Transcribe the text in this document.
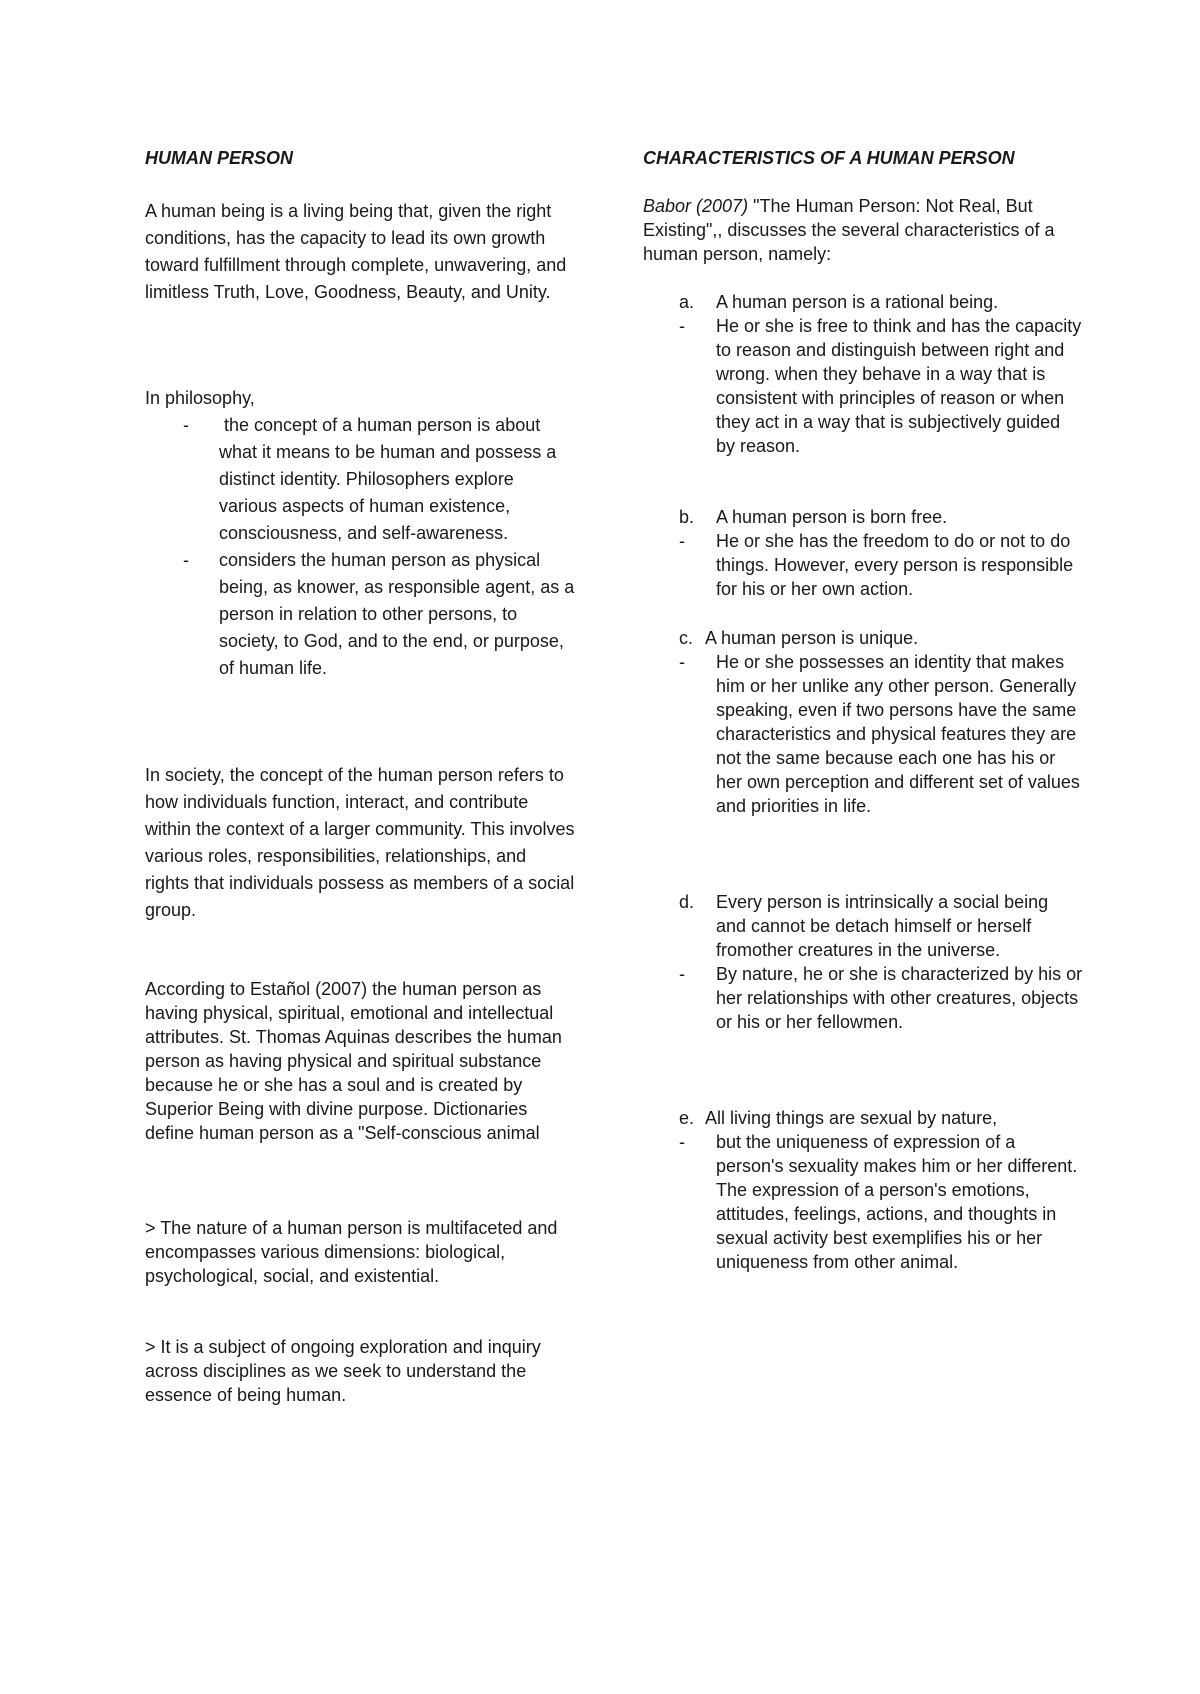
HUMAN PERSON

A human being is a living being that, given the right conditions, has the capacity to lead its own growth toward fulfillment through complete, unwavering, and limitless Truth, Love, Goodness, Beauty, and Unity.

In philosophy,

- the concept of a human person is about what it means to be human and possess a distinct identity. Philosophers explore various aspects of human existence, consciousness, and self-awareness.
- considers the human person as physical being, as knower, as responsible agent, as a person in relation to other persons, to society, to God, and to the end, or purpose, of human life.

In society, the concept of the human person refers to how individuals function, interact, and contribute within the context of a larger community. This involves various roles, responsibilities, relationships, and rights that individuals possess as members of a social group.

According to Estañol (2007) the human person as having physical, spiritual, emotional and intellectual attributes. St. Thomas Aquinas describes the human person as having physical and spiritual substance because he or she has a soul and is created by Superior Being with divine purpose. Dictionaries define human person as a "Self-conscious animal

> The nature of a human person is multifaceted and encompasses various dimensions: biological, psychological, social, and existential.

> It is a subject of ongoing exploration and inquiry across disciplines as we seek to understand the essence of being human.

CHARACTERISTICS OF A HUMAN PERSON

Babor (2007) "The Human Person: Not Real, But Existing",, discusses the several characteristics of a human person, namely:

a. A human person is a rational being.
- He or she is free to think and has the capacity to reason and distinguish between right and wrong. when they behave in a way that is consistent with principles of reason or when they act in a way that is subjectively guided by reason.
b. A human person is born free.
- He or she has the freedom to do or not to do things. However, every person is responsible for his or her own action.
c. A human person is unique.
- He or she possesses an identity that makes him or her unlike any other person. Generally speaking, even if two persons have the same characteristics and physical features they are not the same because each one has his or her own perception and different set of values and priorities in life.
d. Every person is intrinsically a social being and cannot be detach himself or herself fromother creatures in the universe.
- By nature, he or she is characterized by his or her relationships with other creatures, objects or his or her fellowmen.
e. All living things are sexual by nature,
- but the uniqueness of expression of a person's sexuality makes him or her different. The expression of a person's emotions, attitudes, feelings, actions, and thoughts in sexual activity best exemplifies his or her uniqueness from other animal.
